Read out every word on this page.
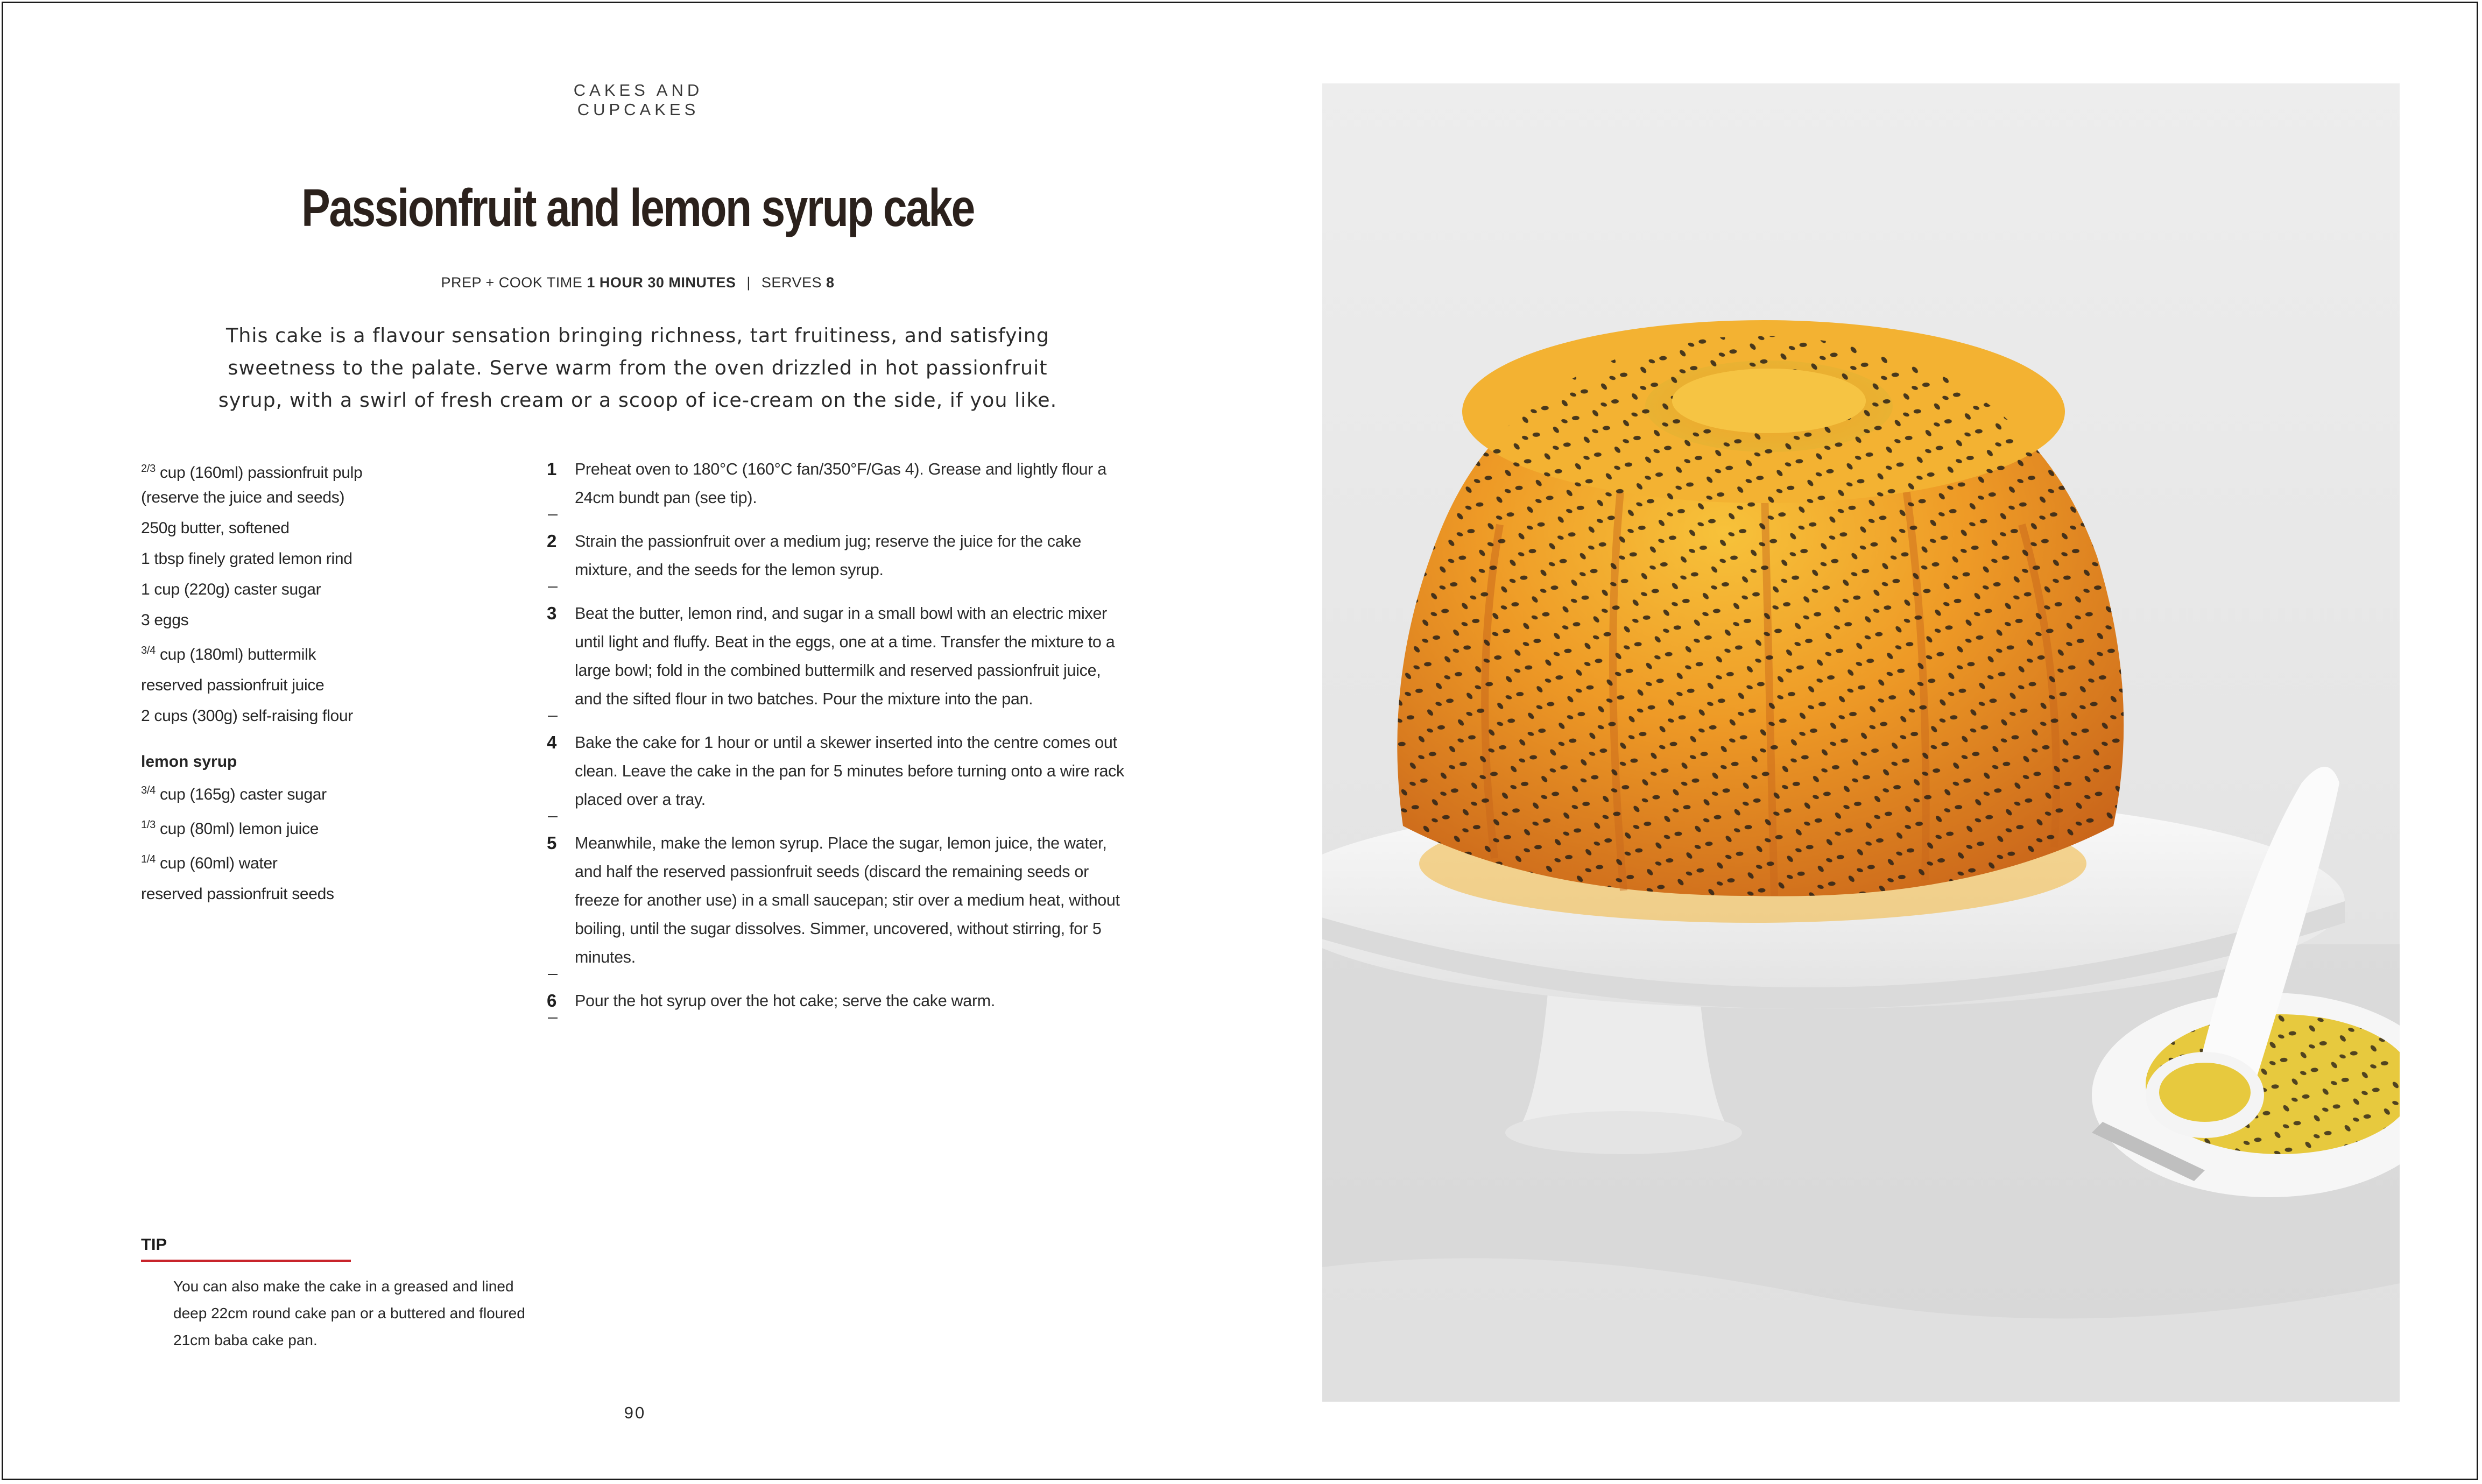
CAKES AND CUPCAKES
Passionfruit and lemon syrup cake
PREP + COOK TIME 1 HOUR 30 MINUTES | SERVES 8
This cake is a flavour sensation bringing richness, tart fruitiness, and satisfying sweetness to the palate. Serve warm from the oven drizzled in hot passionfruit syrup, with a swirl of fresh cream or a scoop of ice-cream on the side, if you like.
$^{2/3}$ cup (160ml) passionfruit pulp
(reserve the juice and seeds)
250g butter, softened
1 tbsp finely grated lemon rind
1 cup (220g) caster sugar
3 eggs
$^{3/4}$ cup (180ml) buttermilk
reserved passionfruit juice
2 cups (300g) self-raising flour
lemon syrup
$^{3/4}$ cup (165g) caster sugar
$^{1/3}$ cup (80ml) lemon juice
$^{1/4}$ cup (60ml) water
reserved passionfruit seeds
1	Preheat oven to 180°C (160°C fan/350°F/Gas 4). Grease and lightly flour a 24cm bundt pan (see tip).
2	Strain the passionfruit over a medium jug; reserve the juice for the cake mixture, and the seeds for the lemon syrup.
3	Beat the butter, lemon rind, and sugar in a small bowl with an electric mixer until light and fluffy. Beat in the eggs, one at a time. Transfer the mixture to a large bowl; fold in the combined buttermilk and reserved passionfruit juice, and the sifted flour in two batches. Pour the mixture into the pan.
4	Bake the cake for 1 hour or until a skewer inserted into the centre comes out clean. Leave the cake in the pan for 5 minutes before turning onto a wire rack placed over a tray.
5	Meanwhile, make the lemon syrup. Place the sugar, lemon juice, the water, and half the reserved passionfruit seeds (discard the remaining seeds or freeze for another use) in a small saucepan; stir over a medium heat, without boiling, until the sugar dissolves. Simmer, uncovered, without stirring, for 5 minutes.
6	Pour the hot syrup over the hot cake; serve the cake warm.
TIP
You can also make the cake in a greased and lined deep 22cm round cake pan or a buttered and floured 21cm baba cake pan.
90
